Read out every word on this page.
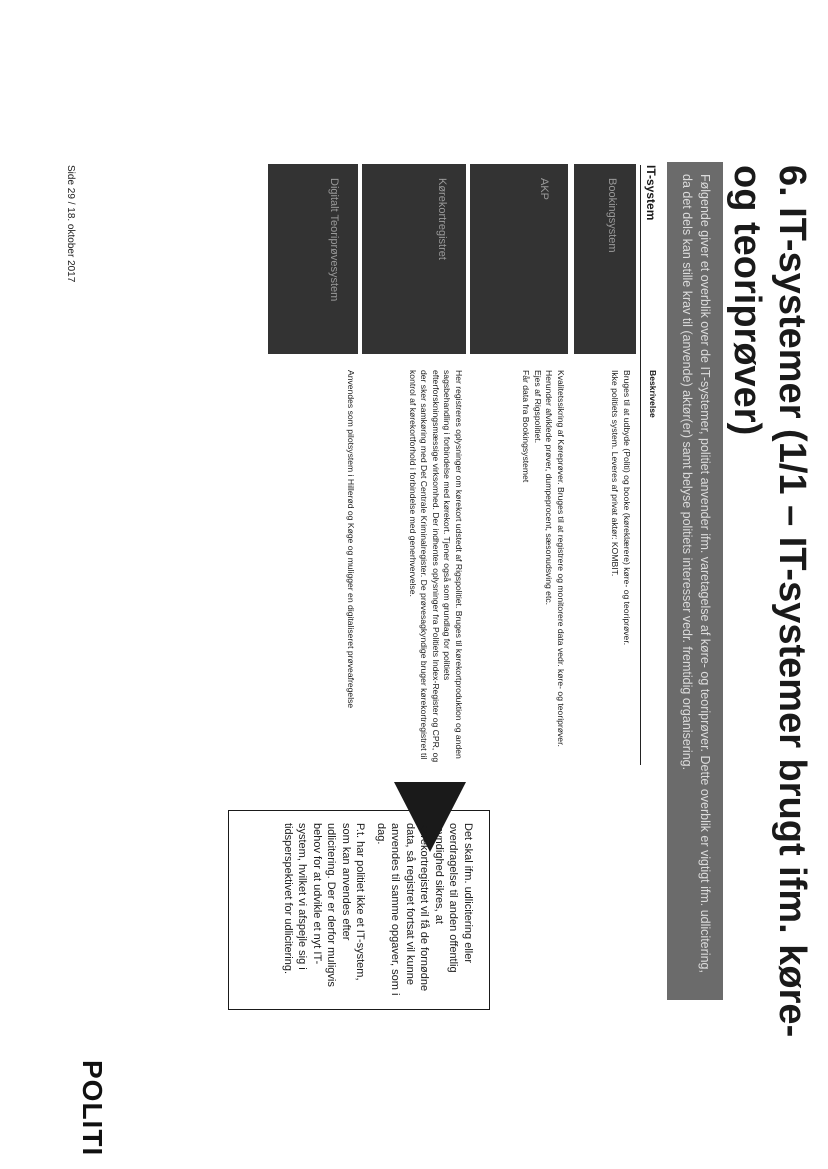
6. IT-systemer (1/1 – IT-systemer brugt ifm. køre- og teoriprøver)
Følgende giver et overblik over de IT-systemer, politiet anvender ifm. varetagelse af køre- og teoriprøver. Dette overblik er vigtigt ifm. udlicitering, da det dels kan stille krav til (anvende) aktør(er) samt belyse politiets interesser vedr. fremtidig organisering.
IT-system
Beskrivelse
Bookingsystem

Bruges til at udbyde (Politi) og booke (køreklærere) køre- og teoriprøver.

Ikke politiets system. Leveres af privat aktør: KOMBIT.

AKP

Kvalitetssikring af Køreprøver. Bruges til at registrere og monitorere data vedr. køre- og teoriprøver. Herunder afviklede prøver, dumpeprocent, sæsonudsving etc.

Ejes af Rigspolitiet.

Får data fra Bookingsystemet

Kørekortregistret

Her registreres oplysninger om kørekort udstedt af Rigspolitiet. Bruges til kørekortproduktion og anden sagsbehandling i forbindelse med kørekort. Tjener også som grundlag for politiets efterforskningsmæssige virksomhed. Der indhentes oplysninger fra Politiets Index-Register og CPR, og der sker samkøring med Det Centrale Kriminalregister. De prøvesagkyndige bruger kørekortregistret til kontrol af kørekortforhold i forbindelse med generhvervelse.

Digitalt Teoriprøvesystem

Anvendes som pilotsystem i Hillerød og Køge og muligger en digitaliseret prøveafregelse

Det skal ifm. udlicitering eller overdragelse til anden offentlig myndighed sikres, at kørekortregistret vil få de fornødne data, så registret fortsat vil kunne anvendes til samme opgaver, som i dag.

P.t. har politiet ikke et IT-system, som kan anvendes efter udlicitering. Der er derfor muligvis behov for at udvikle et nyt IT-system, hvilket vi afspejle sig i tidsperspektivet for udlicitering.

POLITI
Side 29 / 18. oktober 2017
